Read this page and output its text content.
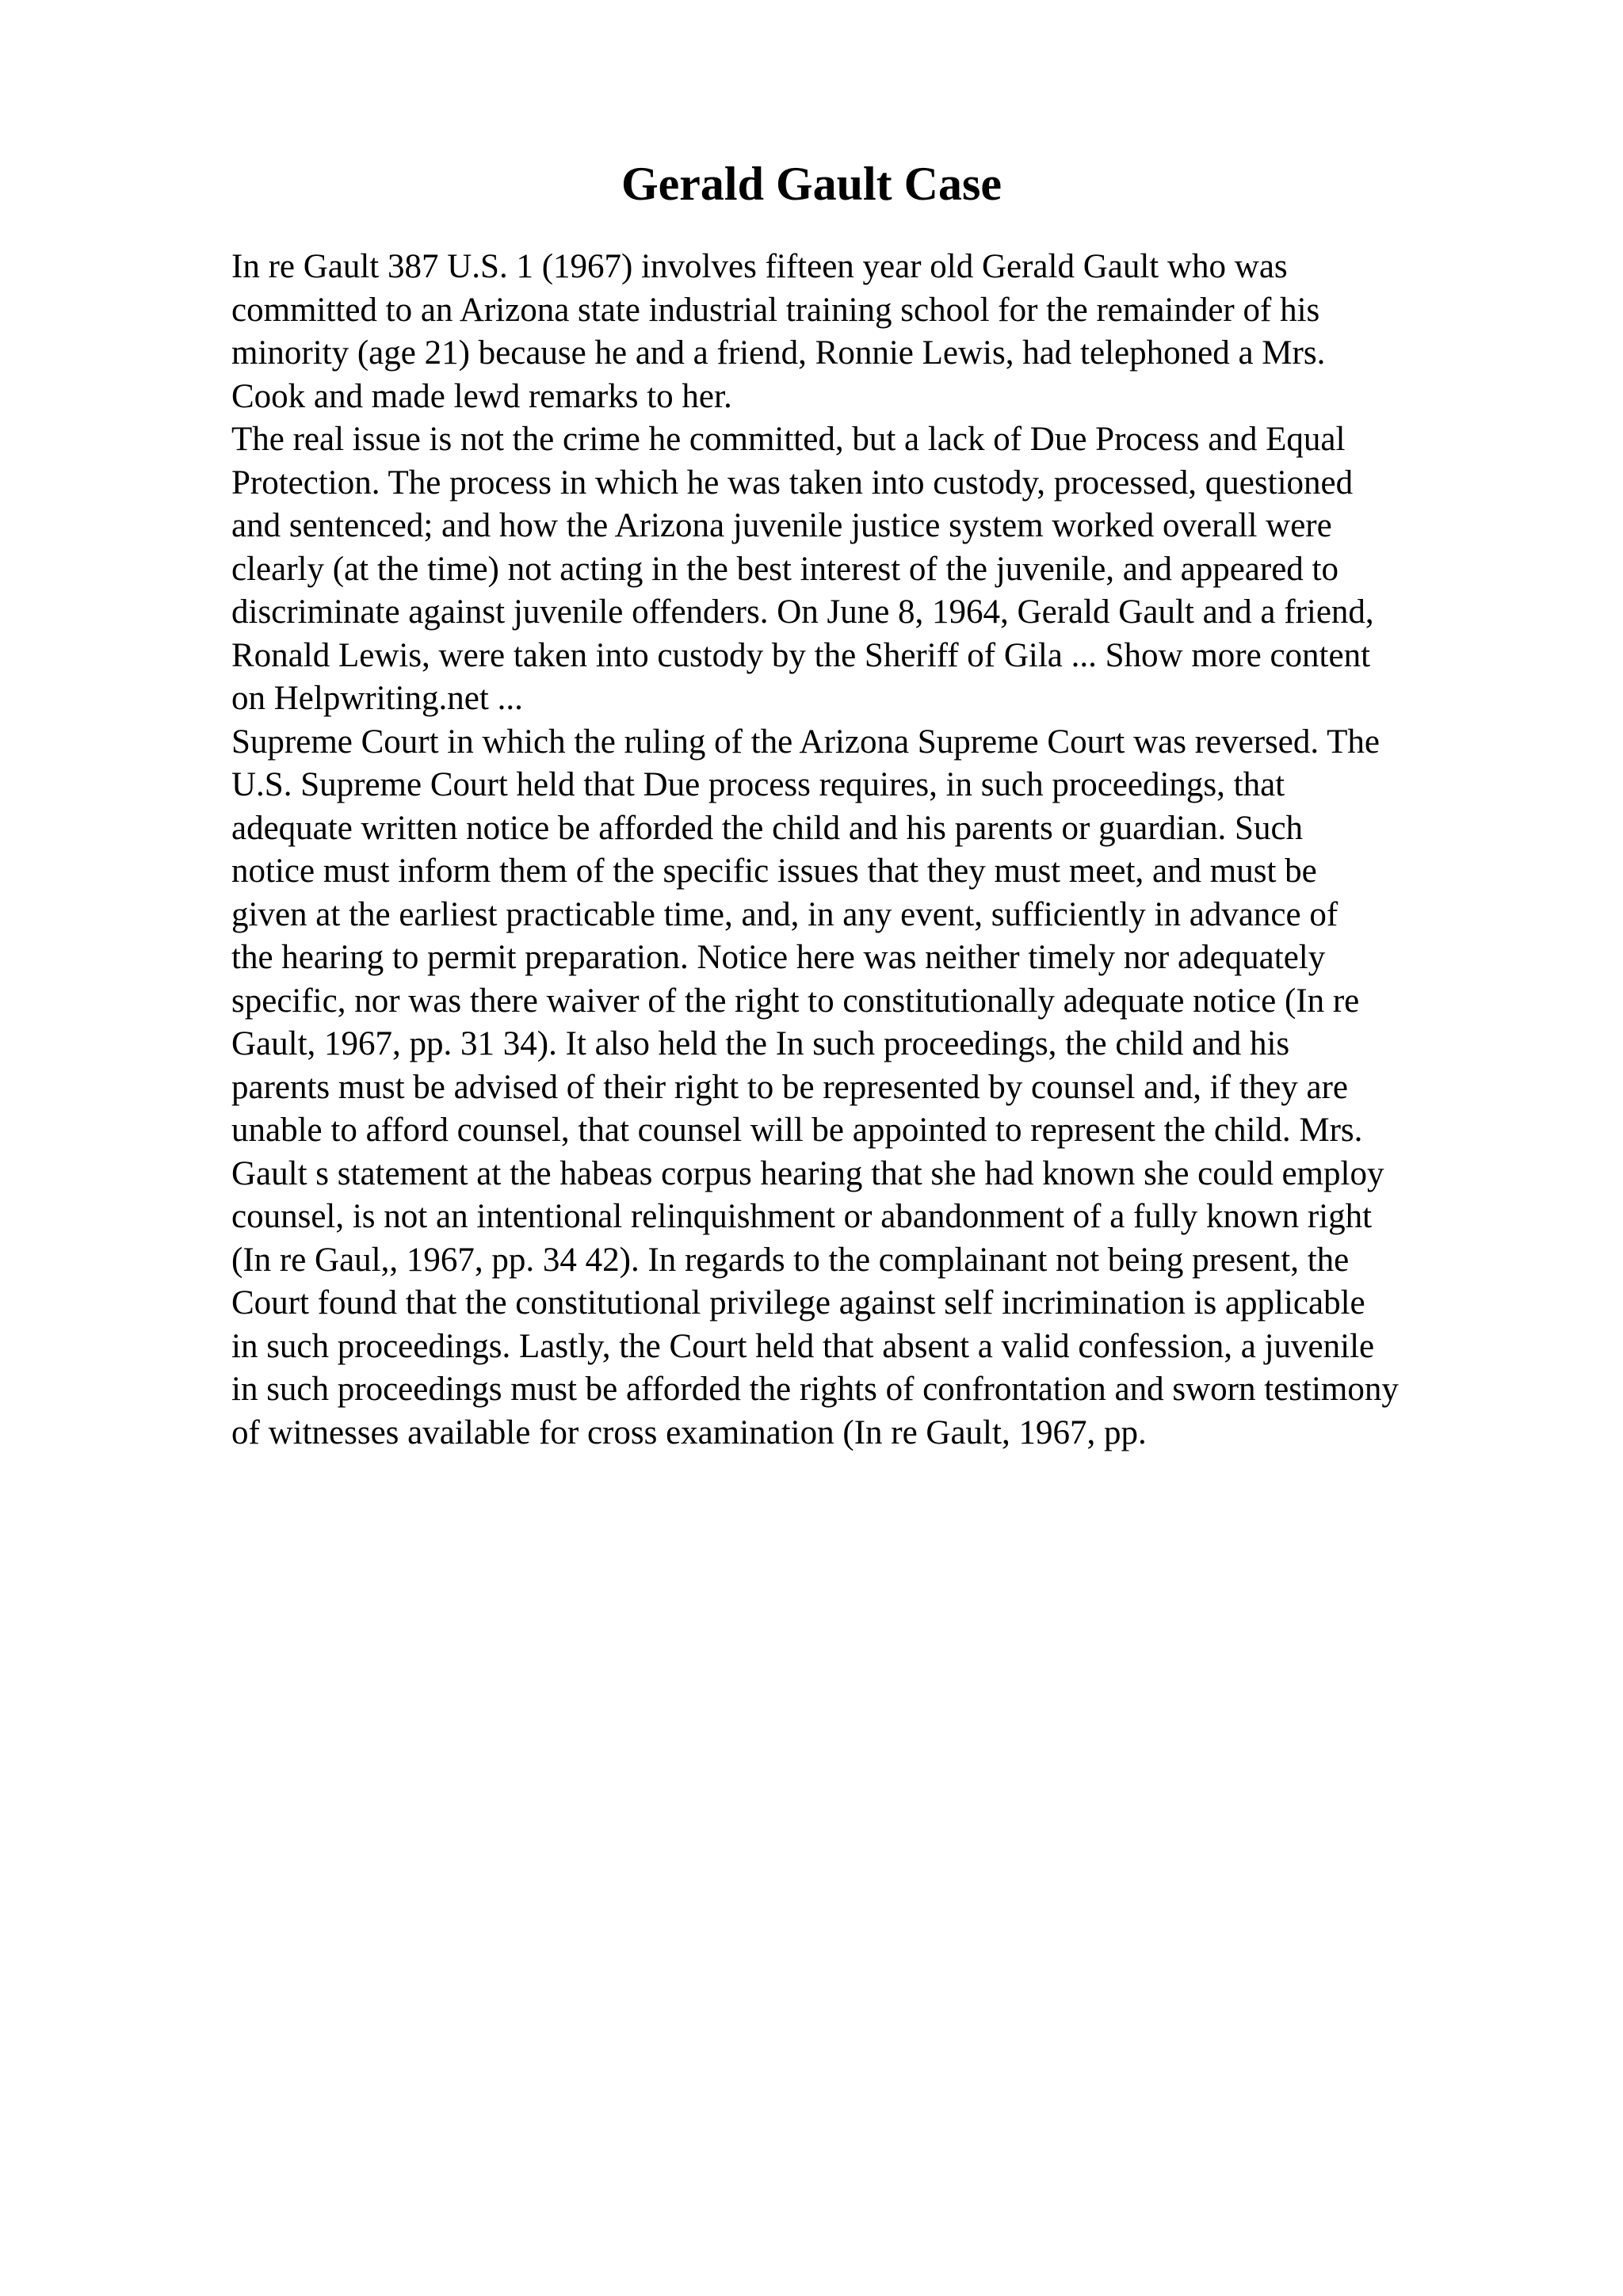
Gerald Gault Case
In re Gault 387 U.S. 1 (1967) involves fifteen year old Gerald Gault who was
committed to an Arizona state industrial training school for the remainder of his
minority (age 21) because he and a friend, Ronnie Lewis, had telephoned a Mrs.
Cook and made lewd remarks to her.
The real issue is not the crime he committed, but a lack of Due Process and Equal
Protection. The process in which he was taken into custody, processed, questioned
and sentenced; and how the Arizona juvenile justice system worked overall were
clearly (at the time) not acting in the best interest of the juvenile, and appeared to
discriminate against juvenile offenders. On June 8, 1964, Gerald Gault and a friend,
Ronald Lewis, were taken into custody by the Sheriff of Gila ... Show more content
on Helpwriting.net ...
Supreme Court in which the ruling of the Arizona Supreme Court was reversed. The
U.S. Supreme Court held that Due process requires, in such proceedings, that
adequate written notice be afforded the child and his parents or guardian. Such
notice must inform them of the specific issues that they must meet, and must be
given at the earliest practicable time, and, in any event, sufficiently in advance of
the hearing to permit preparation. Notice here was neither timely nor adequately
specific, nor was there waiver of the right to constitutionally adequate notice (In re
Gault, 1967, pp. 31 34). It also held the In such proceedings, the child and his
parents must be advised of their right to be represented by counsel and, if they are
unable to afford counsel, that counsel will be appointed to represent the child. Mrs.
Gault s statement at the habeas corpus hearing that she had known she could employ
counsel, is not an intentional relinquishment or abandonment of a fully known right
(In re Gaul,, 1967, pp. 34 42). In regards to the complainant not being present, the
Court found that the constitutional privilege against self incrimination is applicable
in such proceedings. Lastly, the Court held that absent a valid confession, a juvenile
in such proceedings must be afforded the rights of confrontation and sworn testimony
of witnesses available for cross examination (In re Gault, 1967, pp.
